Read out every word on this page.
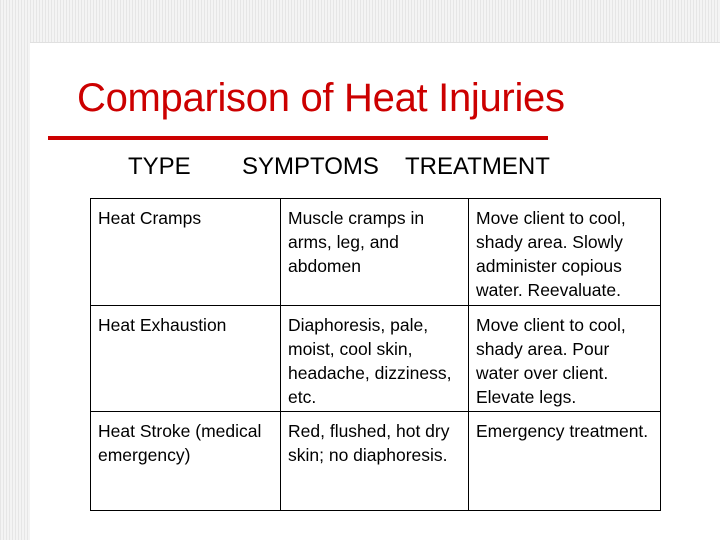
Comparison of Heat Injuries
TYPE SYMPTOMS TREATMENT
Heat Cramps	Muscle cramps in arms, leg, and abdomen	Move client to cool, shady area. Slowly administer copious water. Reevaluate.
Heat Exhaustion	Diaphoresis, pale, moist, cool skin, headache, dizziness, etc.	Move client to cool, shady area. Pour water over client. Elevate legs.
Heat Stroke (medical emergency)	Red, flushed, hot dry skin; no diaphoresis.	Emergency treatment.
